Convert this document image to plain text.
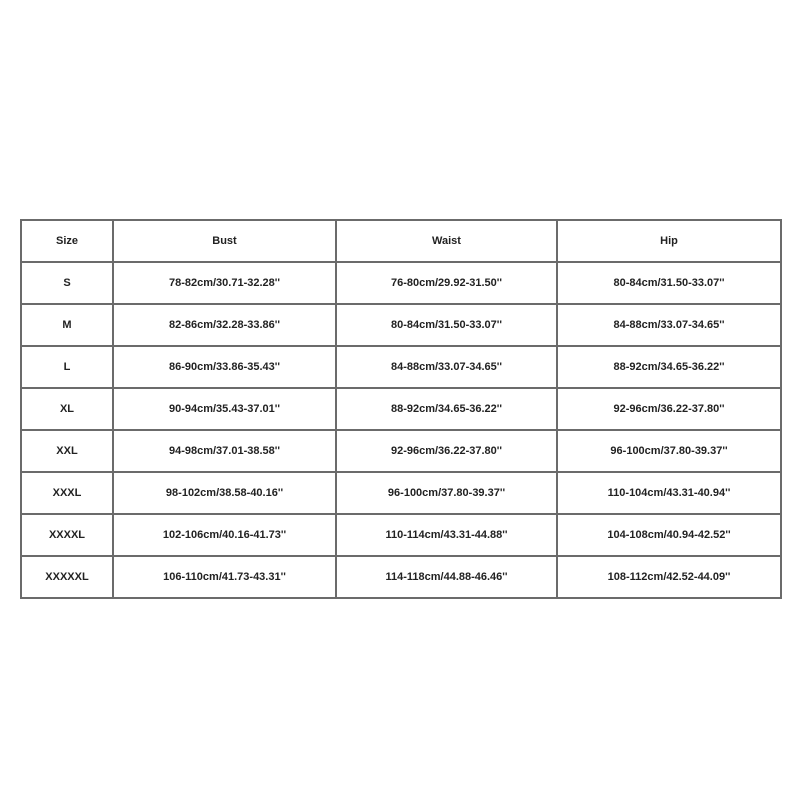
Size	Bust	Waist	Hip
S	78-82cm/30.71-32.28''	76-80cm/29.92-31.50''	80-84cm/31.50-33.07''
M	82-86cm/32.28-33.86''	80-84cm/31.50-33.07''	84-88cm/33.07-34.65''
L	86-90cm/33.86-35.43''	84-88cm/33.07-34.65''	88-92cm/34.65-36.22''
XL	90-94cm/35.43-37.01''	88-92cm/34.65-36.22''	92-96cm/36.22-37.80''
XXL	94-98cm/37.01-38.58''	92-96cm/36.22-37.80''	96-100cm/37.80-39.37''
XXXL	98-102cm/38.58-40.16''	96-100cm/37.80-39.37''	110-104cm/43.31-40.94''
XXXXL	102-106cm/40.16-41.73''	110-114cm/43.31-44.88''	104-108cm/40.94-42.52''
XXXXXL	106-110cm/41.73-43.31''	114-118cm/44.88-46.46''	108-112cm/42.52-44.09''
